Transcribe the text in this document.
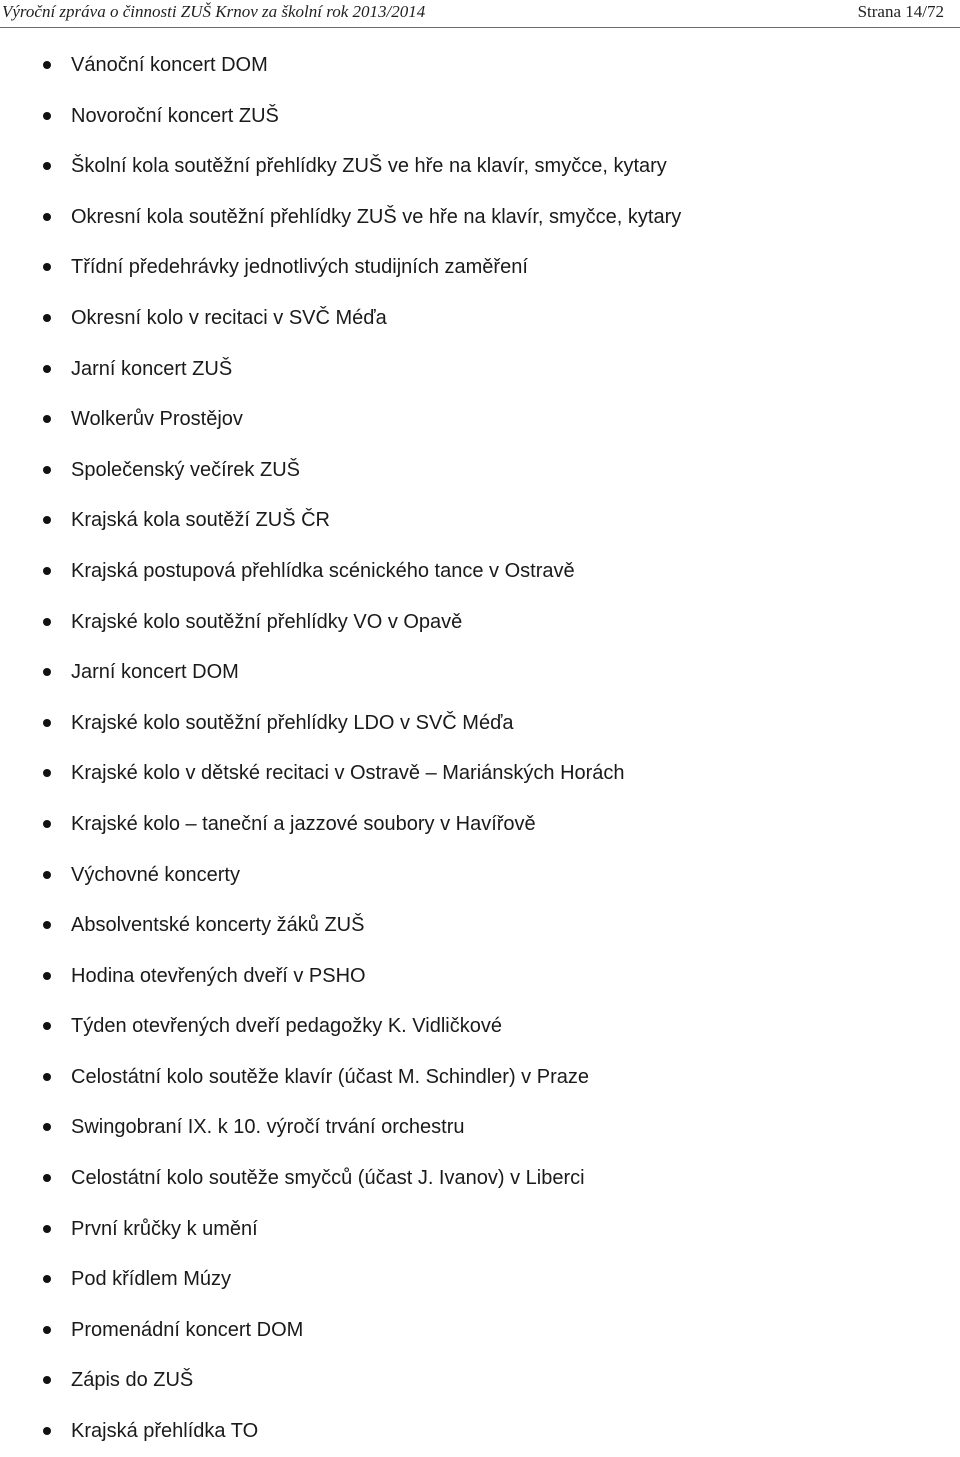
Výroční zpráva o činnosti ZUŠ Krnov za školní rok 2013/2014	Strana 14/72
Vánoční koncert DOM
Novoroční koncert ZUŠ
Školní kola soutěžní přehlídky ZUŠ ve hře na klavír, smyčce, kytary
Okresní kola soutěžní přehlídky ZUŠ ve hře na klavír, smyčce, kytary
Třídní předehrávky jednotlivých studijních zaměření
Okresní kolo v recitaci v SVČ Méďa
Jarní koncert ZUŠ
Wolkerův Prostějov
Společenský večírek ZUŠ
Krajská kola soutěží ZUŠ ČR
Krajská postupová přehlídka scénického tance v Ostravě
Krajské kolo soutěžní přehlídky VO v Opavě
Jarní koncert DOM
Krajské kolo soutěžní přehlídky LDO v SVČ Méďa
Krajské kolo v dětské recitaci v Ostravě – Mariánských Horách
Krajské kolo – taneční a jazzové soubory v Havířově
Výchovné koncerty
Absolventské koncerty žáků ZUŠ
Hodina otevřených dveří v PSHO
Týden otevřených dveří pedagožky K. Vidličkové
Celostátní kolo soutěže klavír (účast M. Schindler) v Praze
Swingobraní IX. k 10. výročí trvání orchestru
Celostátní kolo soutěže smyčců (účast J. Ivanov) v Liberci
První krůčky k umění
Pod křídlem Múzy
Promenádní koncert DOM
Zápis do ZUŠ
Krajská přehlídka TO
